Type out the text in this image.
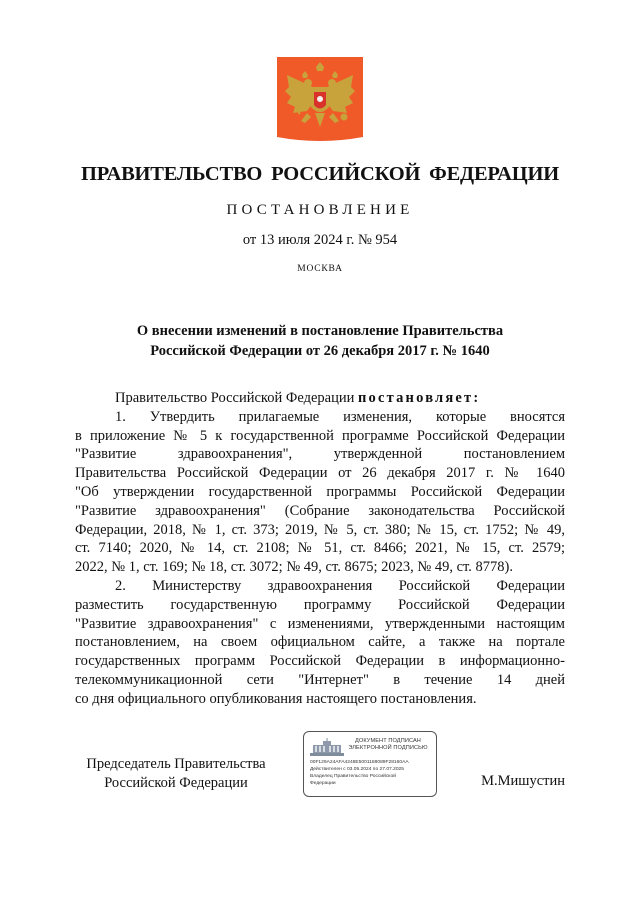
ПРАВИТЕЛЬСТВО РОССИЙСКОЙ ФЕДЕРАЦИИ
ПОСТАНОВЛЕНИЕ
от 13 июля 2024 г. № 954
МОСКВА
О внесении изменений в постановление Правительства
Российской Федерации от 26 декабря 2017 г. № 1640

Правительство Российской Федерации постановляет:

1. Утвердить прилагаемые изменения, которые вносятся
в приложение № 5 к государственной программе Российской Федерации
"Развитие здравоохранения", утвержденной постановлением
Правительства Российской Федерации от 26 декабря 2017 г. № 1640
"Об утверждении государственной программы Российской Федерации
"Развитие здравоохранения" (Собрание законодательства Российской
Федерации, 2018, № 1, ст. 373; 2019, № 5, ст. 380; № 15, ст. 1752; № 49,
ст. 7140; 2020, № 14, ст. 2108; № 51, ст. 8466; 2021, № 15, ст. 2579;
2022, № 1, ст. 169; № 18, ст. 3072; № 49, ст. 8675; 2023, № 49, ст. 8778).

2. Министерству здравоохранения Российской Федерации
разместить государственную программу Российской Федерации
"Развитие здравоохранения" с изменениями, утвержденными настоящим
постановлением, на своем официальном сайте, а также на портале
государственных программ Российской Федерации в информационно-
телекоммуникационной сети "Интернет" в течение 14 дней
со дня официального опубликования настоящего постановления.

Председатель Правительства
Российской Федерации
ДОКУМЕНТ ПОДПИСАН
ЭЛЕКТРОННОЙ ПОДПИСЬЮ
00F129A24AFA4248E5001188089F28160AA
Действителен с 03.05.2024 по 27.07.2025
Владелец Правительство Российской
Федерации	М.Мишустин
